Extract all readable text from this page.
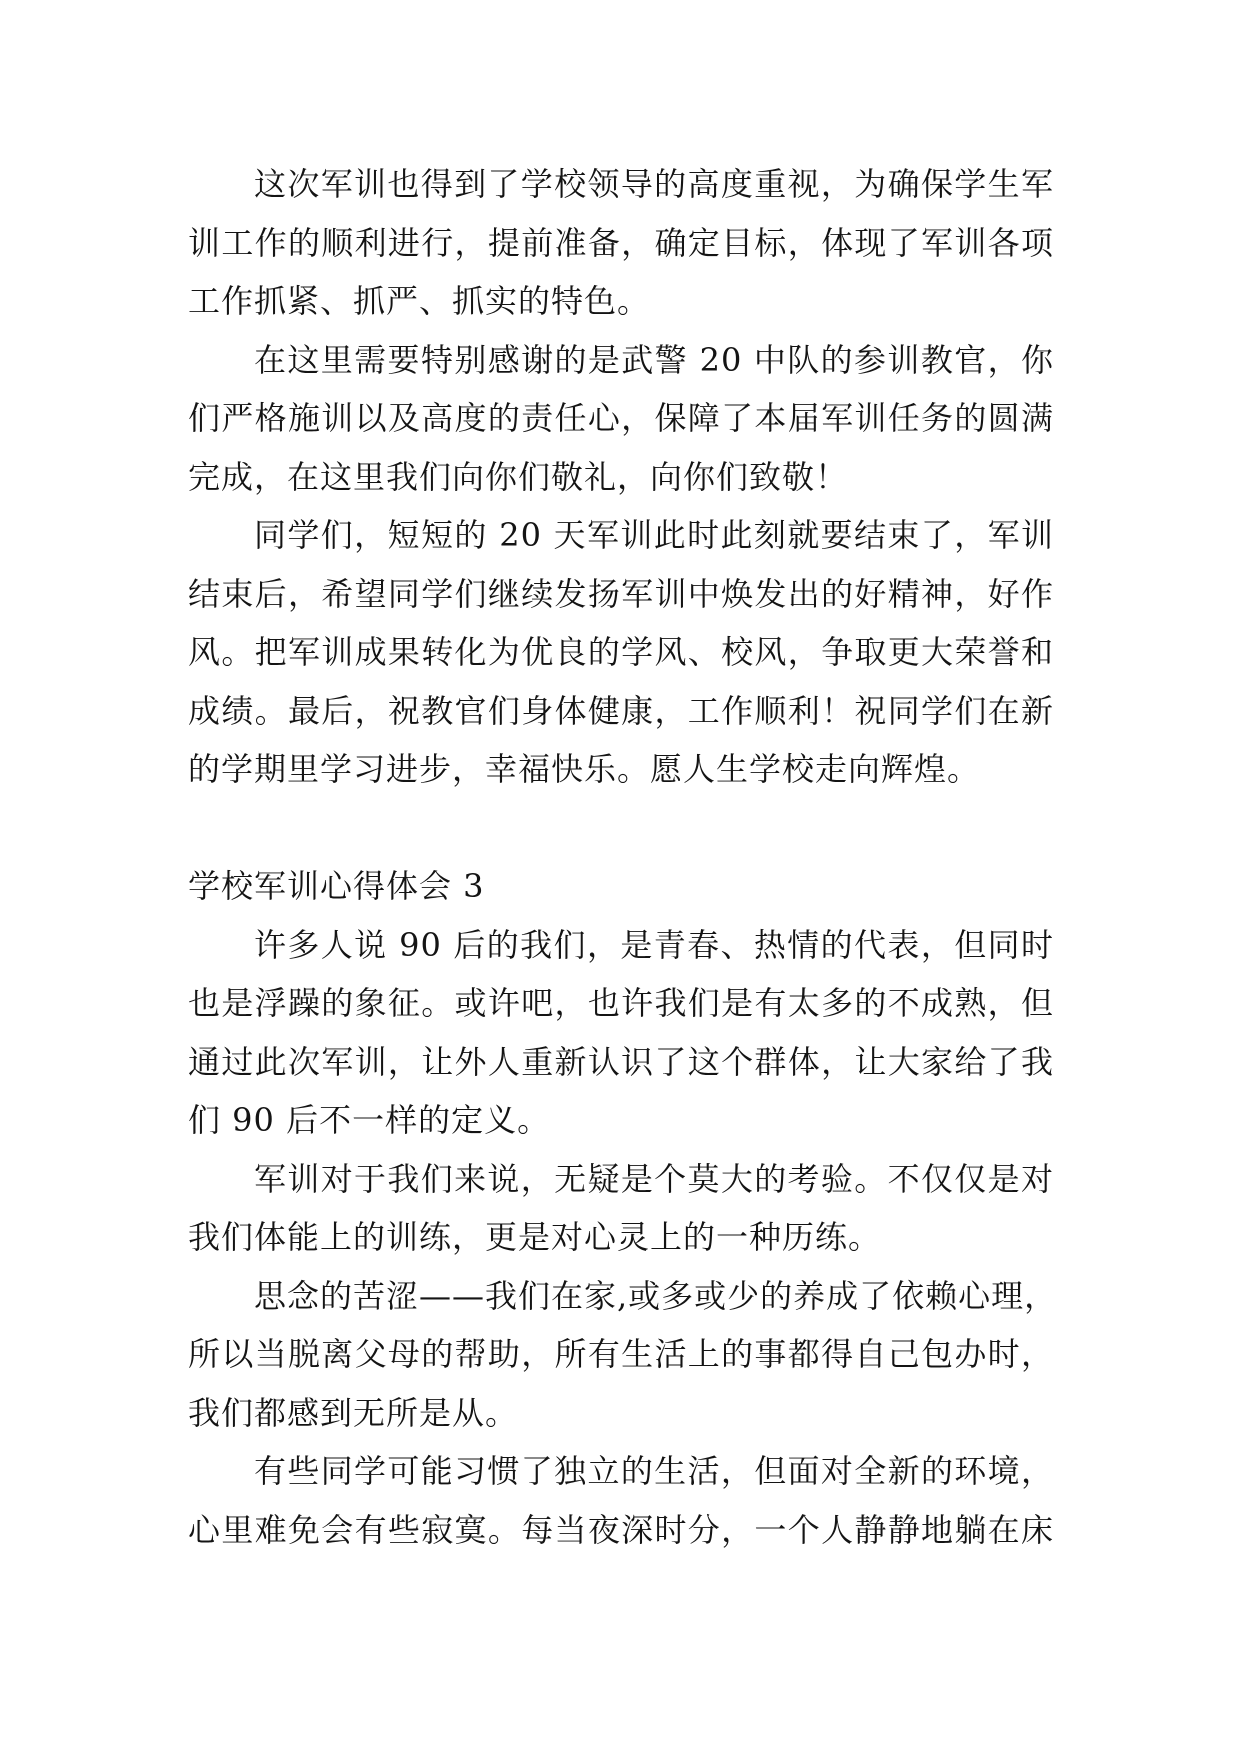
这次军训也得到了学校领导的高度重视，为确保学生军
训工作的顺利进行，提前准备，确定目标，体现了军训各项
工作抓紧、抓严、抓实的特色。
在这里需要特别感谢的是武警 20 中队的参训教官，你
们严格施训以及高度的责任心，保障了本届军训任务的圆满
完成，在这里我们向你们敬礼，向你们致敬！
同学们，短短的 20 天军训此时此刻就要结束了，军训
结束后，希望同学们继续发扬军训中焕发出的好精神，好作
风。把军训成果转化为优良的学风、校风，争取更大荣誉和
成绩。最后，祝教官们身体健康，工作顺利！祝同学们在新
的学期里学习进步，幸福快乐。愿人生学校走向辉煌。
学校军训心得体会 3
许多人说 90 后的我们，是青春、热情的代表，但同时
也是浮躁的象征。或许吧，也许我们是有太多的不成熟，但
通过此次军训，让外人重新认识了这个群体，让大家给了我
们 90 后不一样的定义。
军训对于我们来说，无疑是个莫大的考验。不仅仅是对
我们体能上的训练，更是对心灵上的一种历练。
思念的苦涩——我们在家,或多或少的养成了依赖心理，
所以当脱离父母的帮助，所有生活上的事都得自己包办时，
我们都感到无所是从。
有些同学可能习惯了独立的生活，但面对全新的环境，
心里难免会有些寂寞。每当夜深时分，一个人静静地躺在床
